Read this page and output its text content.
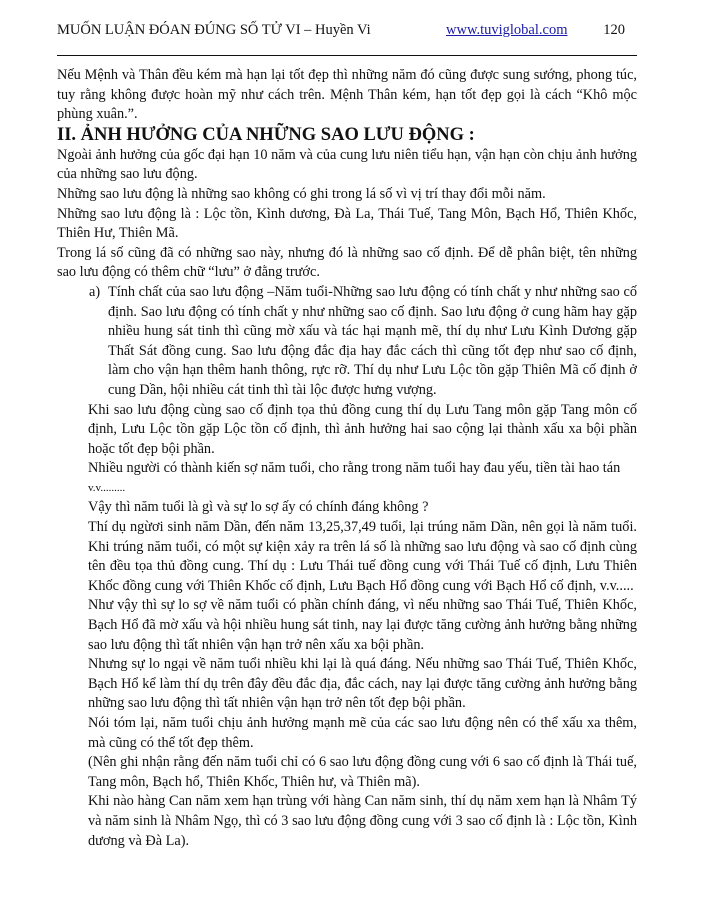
MUỐN LUẬN ĐÓAN ĐÚNG SỐ TỬ VI – Huyền Vi	www.tuviglobal.com 120

Nếu Mệnh và Thân đều kém mà hạn lại tốt đẹp thì những năm đó cũng được sung sướng, phong túc, tuy rằng không được hoàn mỹ như cách trên. Mệnh Thân kém, hạn tốt đẹp gọi là cách “Khô mộc phùng xuân.”.

II. ẢNH HƯỞNG CỦA NHỮNG SAO LƯU ĐỘNG :

Ngoài ảnh hưởng của gốc đại hạn 10 năm và của cung lưu niên tiểu hạn, vận hạn còn chịu ảnh hưởng của những sao lưu động.

Những sao lưu động là những sao không có ghi trong lá số vì vị trí thay đổi mỗi năm.

Những sao lưu động là : Lộc tồn, Kình dương, Đà La, Thái Tuế, Tang Môn, Bạch Hổ, Thiên Khốc, Thiên Hư, Thiên Mã.

Trong lá số cũng đã có những sao này, nhưng đó là những sao cố định. Để dễ phân biệt, tên những sao lưu động có thêm chữ “lưu” ở đằng trước.

a) Tính chất của sao lưu động –Năm tuổi-Những sao lưu động có tính chất y như những sao cố định. Sao lưu động có tính chất y như những sao cố định. Sao lưu động ở cung hãm hay gặp nhiều hung sát tinh thì cũng mờ xấu và tác hại mạnh mẽ, thí dụ như Lưu Kình Dương gặp Thất Sát đồng cung. Sao lưu động đắc địa hay đắc cách thì cũng tốt đẹp như sao cố định, làm cho vận hạn thêm hanh thông, rực rỡ. Thí dụ như Lưu Lộc tồn gặp Thiên Mã cố định ở cung Dần, hội nhiều cát tinh thì tài lộc được hưng vượng.

Khi sao lưu động cùng sao cố định tọa thủ đồng cung thí dụ Lưu Tang môn gặp Tang môn cố định, Lưu Lộc tồn gặp Lộc tồn cố định, thì ảnh hưởng hai sao cộng lại thành xấu xa bội phần hoặc tốt đẹp bội phần.

Nhiều người có thành kiến sợ năm tuổi, cho rằng trong năm tuổi hay đau yếu, tiền tài hao tán

v.v.........

Vậy thì năm tuổi là gì và sự lo sợ ấy có chính đáng không ?

Thí dụ ngừơi sinh năm Dần, đến năm 13,25,37,49 tuổi, lại trúng năm Dần, nên gọi là năm tuổi. Khi trúng năm tuổi, có một sự kiện xảy ra trên lá số là những sao lưu động và sao cố định cùng tên đều tọa thủ đồng cung. Thí dụ : Lưu Thái tuế đồng cung với Thái Tuế cố định, Lưu Thiên Khốc đồng cung với Thiên Khốc cố định, Lưu Bạch Hổ đồng cung với Bạch Hổ cố định, v.v.....

Như vậy thì sự lo sợ về năm tuổi có phần chính đáng, vì nếu những sao Thái Tuế, Thiên Khốc, Bạch Hổ đã mờ xấu và hội nhiều hung sát tinh, nay lại được tăng cường ảnh hưởng bằng những sao lưu động thì tất nhiên vận hạn trở nên xấu xa bội phần.

Nhưng sự lo ngại về năm tuổi nhiều khi lại là quá đáng. Nếu những sao Thái Tuế, Thiên Khốc, Bạch Hổ kể làm thí dụ trên đây đều đắc địa, đắc cách, nay lại được tăng cường ảnh hưởng bằng những sao lưu động thì tất nhiên vận hạn trở nên tốt đẹp bội phần.

Nói tóm lại, năm tuổi chịu ảnh hưởng mạnh mẽ của các sao lưu động nên có thể xấu xa thêm, mà cũng có thể tốt đẹp thêm.

(Nên ghi nhận rằng đến năm tuổi chỉ có 6 sao lưu động đồng cung với 6 sao cố định là Thái tuế, Tang môn, Bạch hổ, Thiên Khốc, Thiên hư, và Thiên mã).

Khi nào hàng Can năm xem hạn trùng với hàng Can năm sinh, thí dụ năm xem hạn là Nhâm Tý và năm sinh là Nhâm Ngọ, thì có 3 sao lưu động đồng cung với 3 sao cố định là : Lộc tồn, Kình dương và Đà La).
